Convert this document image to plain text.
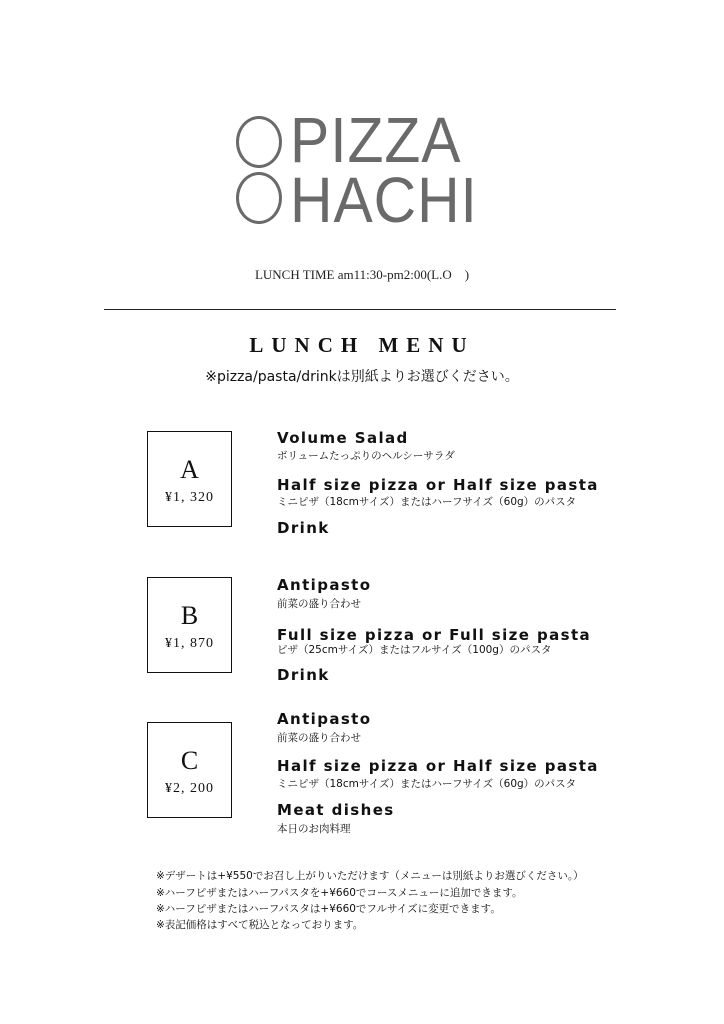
PIZZA
HACHI
LUNCH TIME am11:30-pm2:00(L.O　)
LUNCH MENU
※pizza/pasta/drinkは別紙よりお選びください。
A
¥1, 320
Volume Salad
ボリュームたっぷりのヘルシーサラダ
Half size pizza or Half size pasta
ミニピザ（18cmサイズ）またはハーフサイズ（60g）のパスタ
Drink
B
¥1, 870
Antipasto
前菜の盛り合わせ
Full size pizza or Full size pasta
ピザ（25cmサイズ）またはフルサイズ（100g）のパスタ
Drink
C
¥2, 200
Antipasto
前菜の盛り合わせ
Half size pizza or Half size pasta
ミニピザ（18cmサイズ）またはハーフサイズ（60g）のパスタ
Meat dishes
本日のお肉料理
※デザートは+¥550でお召し上がりいただけます（メニューは別紙よりお選びください。）
※ハーフピザまたはハーフパスタを+¥660でコースメニューに追加できます。
※ハーフピザまたはハーフパスタは+¥660でフルサイズに変更できます。
※表記価格はすべて税込となっております。
